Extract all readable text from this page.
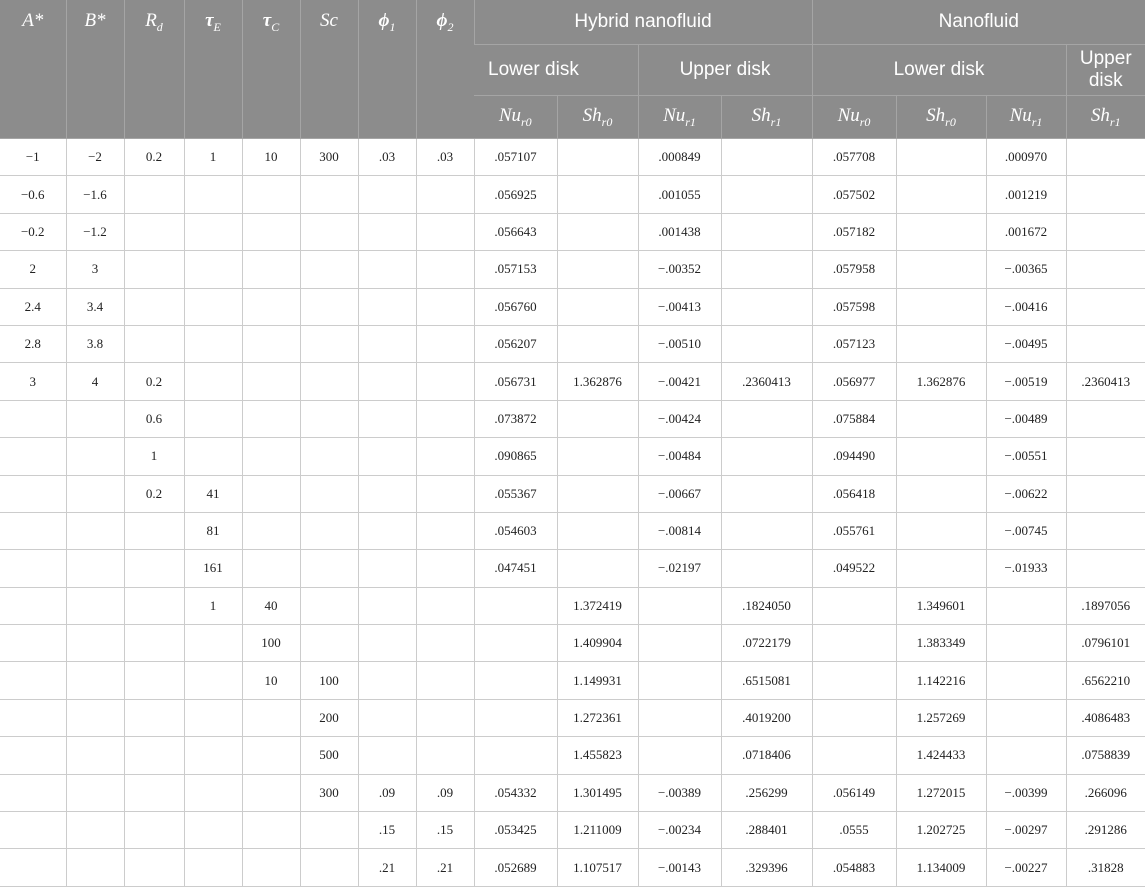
A*	B*	$R_d$	$\tau_E$	$\tau_C$	Sc	$\phi_1$	$\phi_2$	Hybrid nanofluid				Nanofluid			
								Lower disk		Upper disk		Lower disk			Upper disk
								$Nu_{r0}$	$Sh_{r0}$	$Nu_{r1}$	$Sh_{r1}$	$Nu_{r0}$	$Sh_{r0}$	$Nu_{r1}$	$Sh_{r1}$
−1	−2	0.2	1	10	300	.03	.03	.057107		.000849		.057708		.000970	
−0.6	−1.6							.056925		.001055		.057502		.001219	
−0.2	−1.2							.056643		.001438		.057182		.001672	
2	3							.057153		−.00352		.057958		−.00365	
2.4	3.4							.056760		−.00413		.057598		−.00416	
2.8	3.8							.056207		−.00510		.057123		−.00495	
3	4	0.2						.056731	1.362876	−.00421	.2360413	.056977	1.362876	−.00519	.2360413
		0.6						.073872		−.00424		.075884		−.00489	
		1						.090865		−.00484		.094490		−.00551	
		0.2	41					.055367		−.00667		.056418		−.00622	
			81					.054603		−.00814		.055761		−.00745	
			161					.047451		−.02197		.049522		−.01933	
			1	40					1.372419		.1824050		1.349601		.1897056
				100					1.409904		.0722179		1.383349		.0796101
				10	100				1.149931		.6515081		1.142216		.6562210
					200				1.272361		.4019200		1.257269		.4086483
					500				1.455823		.0718406		1.424433		.0758839
					300	.09	.09	.054332	1.301495	−.00389	.256299	.056149	1.272015	−.00399	.266096
						.15	.15	.053425	1.211009	−.00234	.288401	.0555	1.202725	−.00297	.291286
						.21	.21	.052689	1.107517	−.00143	.329396	.054883	1.134009	−.00227	.31828
